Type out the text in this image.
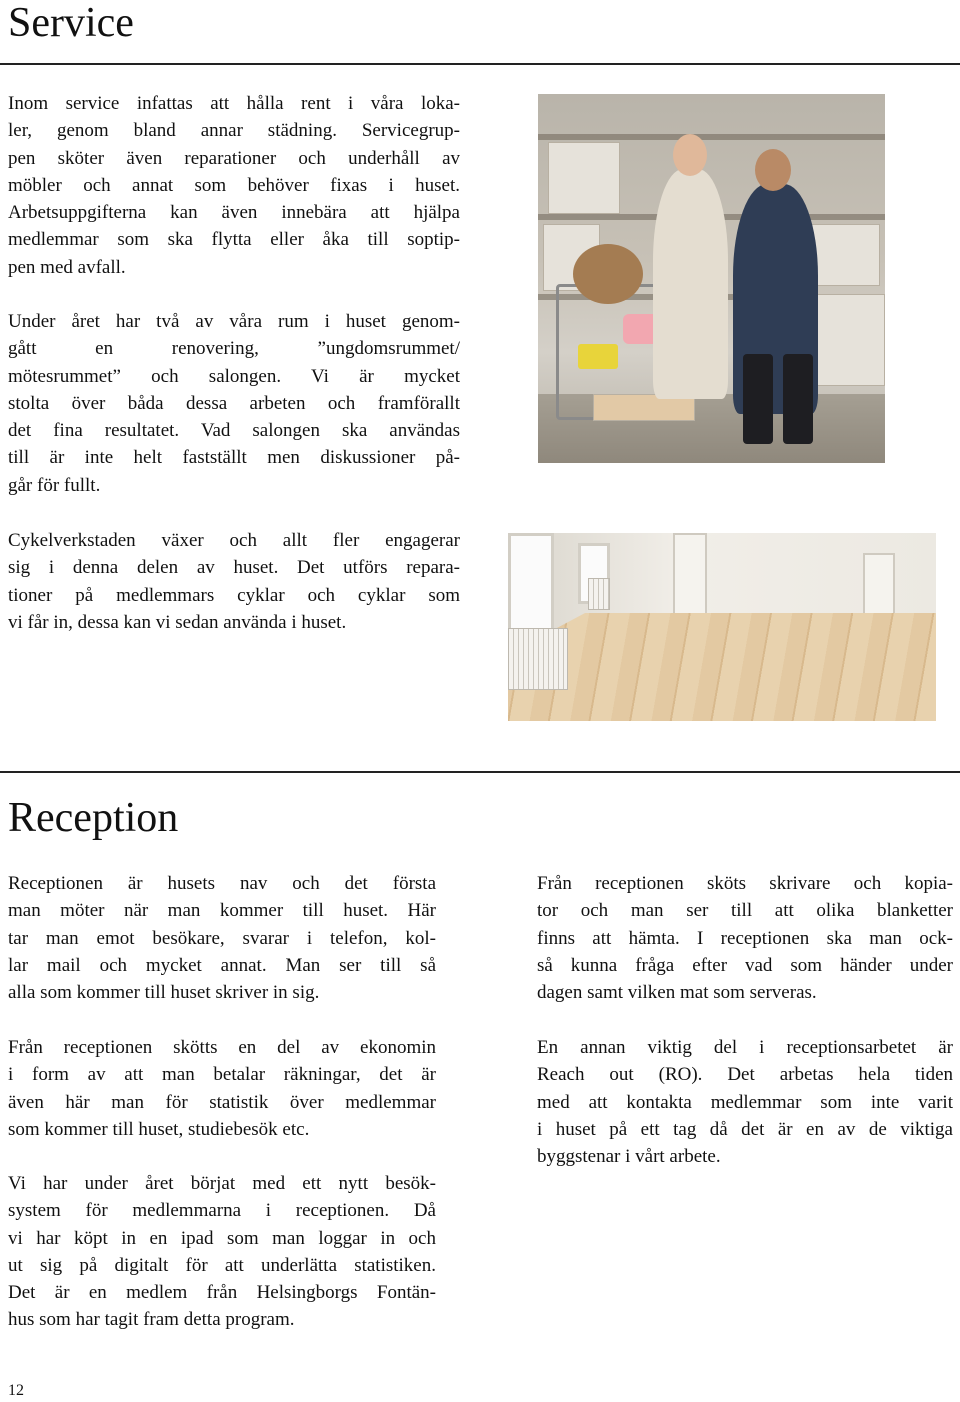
Service
Inom service infattas att hålla rent i våra loka-
ler, genom bland annar städning. Servicegrup-
pen sköter även reparationer och underhåll av
möbler och annat som behöver fixas i huset.
Arbetsuppgifterna kan även innebära att hjälpa
medlemmar som ska flytta eller åka till soptip-
pen med avfall.
Under året har två av våra rum i huset genom-
gått en renovering, ”ungdomsrummet/
mötesrummet” och salongen. Vi är mycket
stolta över båda dessa arbeten och framförallt
det fina resultatet. Vad salongen ska användas
till är inte helt fastställt men diskussioner på-
går för fullt.
Cykelverkstaden växer och allt fler engagerar
sig i denna delen av huset. Det utförs repara-
tioner på medlemmars cyklar och cyklar som
vi får in, dessa kan vi sedan använda i huset.
Reception
Receptionen är husets nav och det första
man möter när man kommer till huset. Här
tar man emot besökare, svarar i telefon, kol-
lar mail och mycket annat. Man ser till så
alla som kommer till huset skriver in sig.
Från receptionen skötts en del av ekonomin
i form av att man betalar räkningar, det är
även här man för statistik över medlemmar
som kommer till huset, studiebesök etc.
Vi har under året börjat med ett nytt besök-
system för medlemmarna i receptionen. Då
vi har köpt in en ipad som man loggar in och
ut sig på digitalt för att underlätta statistiken.
Det är en medlem från Helsingborgs Fontän-
hus som har tagit fram detta program.
Från receptionen sköts skrivare och kopia-
tor och man ser till att olika blanketter
finns att hämta. I receptionen ska man ock-
så kunna fråga efter vad som händer under
dagen samt vilken mat som serveras.
En annan viktig del i receptionsarbetet är
Reach out (RO). Det arbetas hela tiden
med att kontakta medlemmar som inte varit
i huset på ett tag då det är en av de viktiga
byggstenar i vårt arbete.
12
